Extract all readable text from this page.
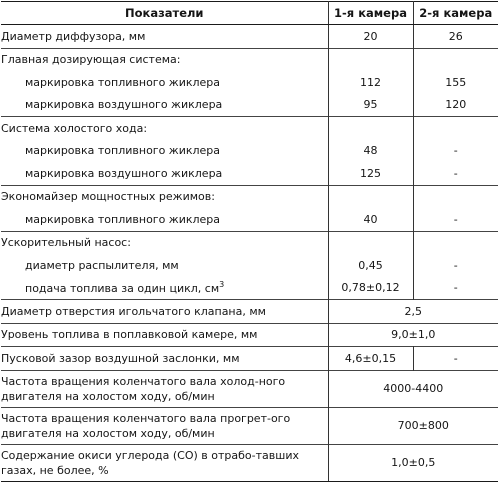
Показатели	1-я камера	2-я камера
Диаметр диффузора, мм	20	26
Главная дозирующая система:		
маркировка топливного жиклера	112	155
маркировка воздушного жиклера	95	120
Система холостого хода:		
маркировка топливного жиклера	48	-
маркировка воздушного жиклера	125	-
Экономайзер мощностных режимов:		
маркировка топливного жиклера	40	-
Ускорительный насос:		
диаметр распылителя, мм	0,45	-
подача топлива за один цикл, $см^3$	0,78±0,12	-
Диаметр отверстия игольчатого клапана, мм	2,5	
Уровень топлива в поплавковой камере, мм	9,0±1,0	
Пусковой зазор воздушной заслонки, мм	4,6±0,15	-
Частота вращения коленчатого вала холод-ного двигателя на холостом ходу, об/мин	4000-4400	
Частота вращения коленчатого вала прогрет-ого двигателя на холостом ходу, об/мин	700±800	
Содержание окиси углерода (СО) в отрабо-тавших газах, не более, %	1,0±0,5	
